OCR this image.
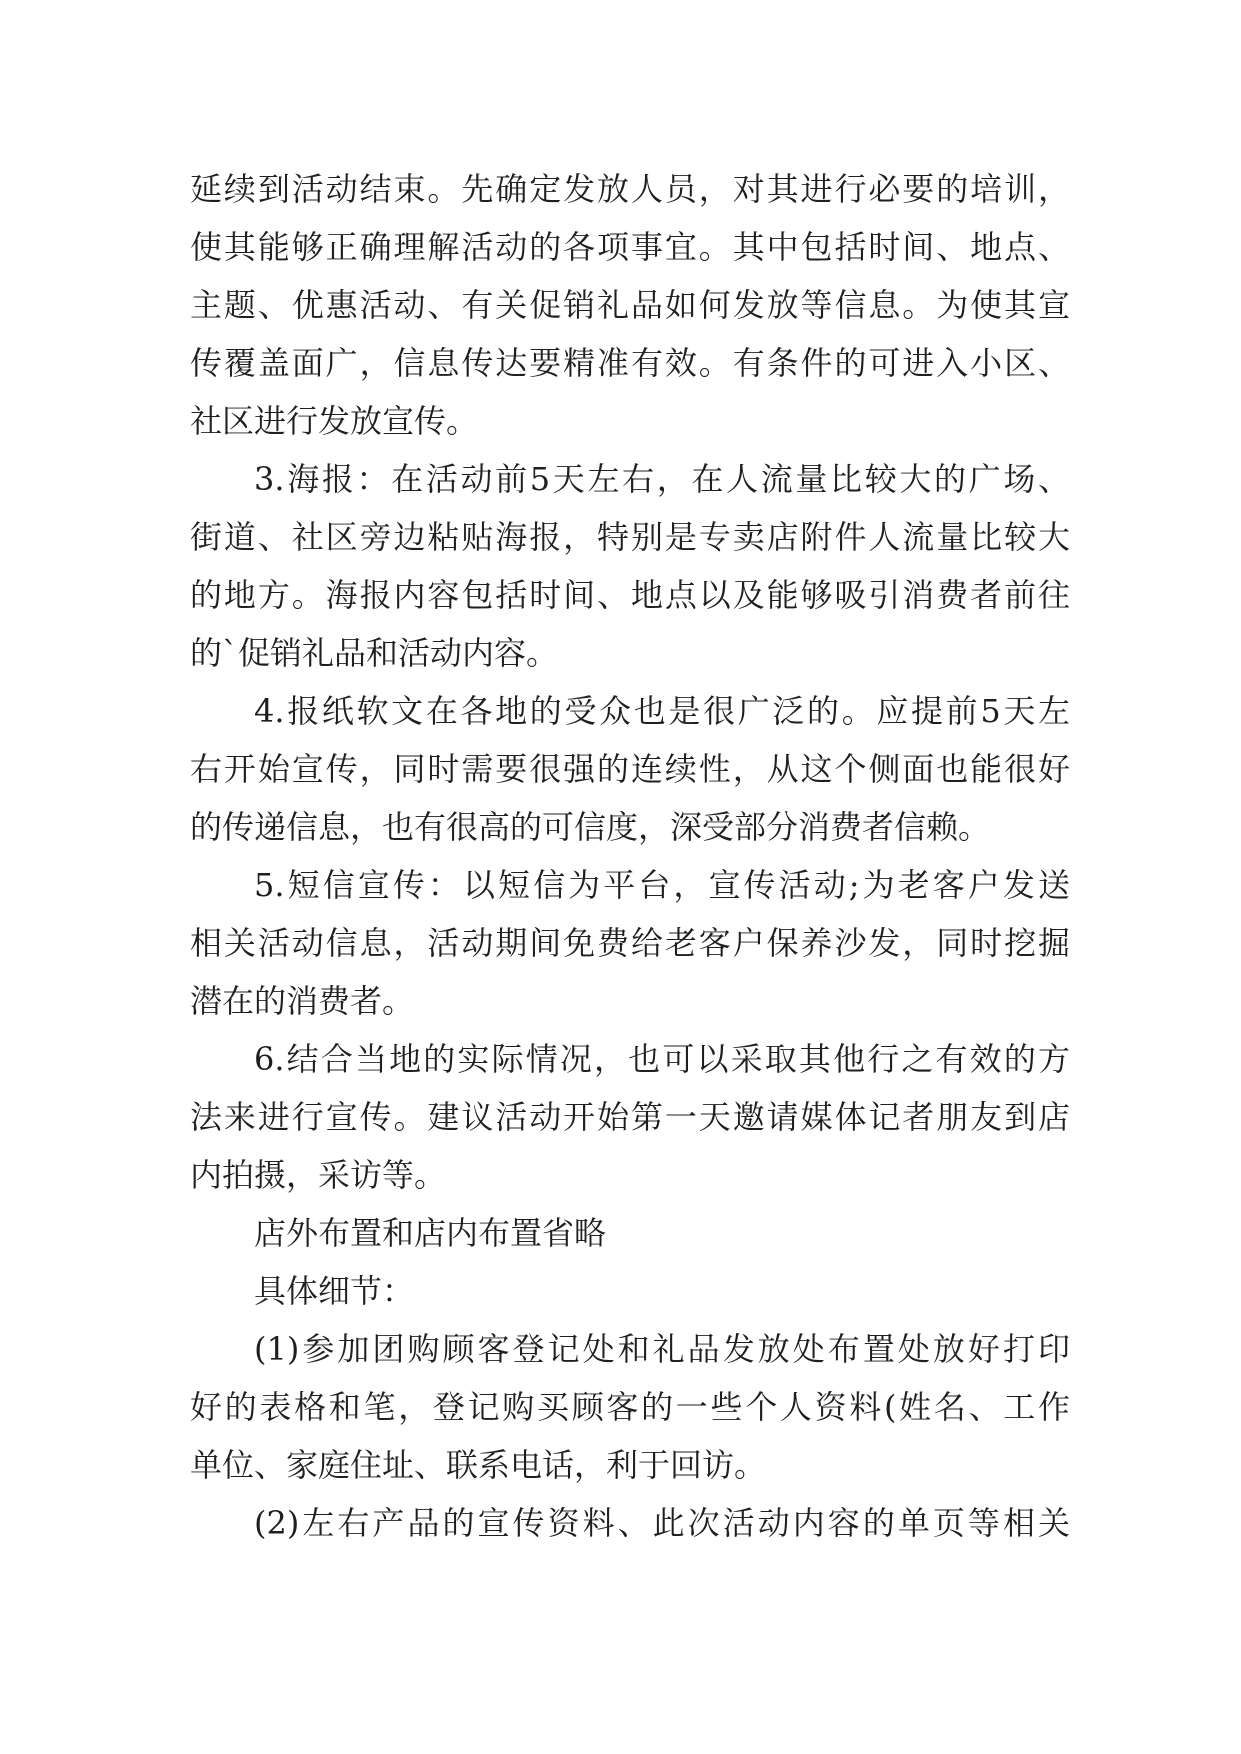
延续到活动结束。先确定发放人员，对其进行必要的培训，
使其能够正确理解活动的各项事宜。其中包括时间、地点、
主题、优惠活动、有关促销礼品如何发放等信息。为使其宣
传覆盖面广，信息传达要精准有效。有条件的可进入小区、
社区进行发放宣传。
3.海报：在活动前5天左右，在人流量比较大的广场、
街道、社区旁边粘贴海报，特别是专卖店附件人流量比较大
的地方。海报内容包括时间、地点以及能够吸引消费者前往
的`促销礼品和活动内容。
4.报纸软文在各地的受众也是很广泛的。应提前5天左
右开始宣传，同时需要很强的连续性，从这个侧面也能很好
的传递信息，也有很高的可信度，深受部分消费者信赖。
5.短信宣传：以短信为平台，宣传活动;为老客户发送
相关活动信息，活动期间免费给老客户保养沙发，同时挖掘
潜在的消费者。
6.结合当地的实际情况，也可以采取其他行之有效的方
法来进行宣传。建议活动开始第一天邀请媒体记者朋友到店
内拍摄，采访等。
店外布置和店内布置省略
具体细节：
(1)参加团购顾客登记处和礼品发放处布置处放好打印
好的表格和笔，登记购买顾客的一些个人资料(姓名、工作
单位、家庭住址、联系电话，利于回访。
(2)左右产品的宣传资料、此次活动内容的单页等相关
